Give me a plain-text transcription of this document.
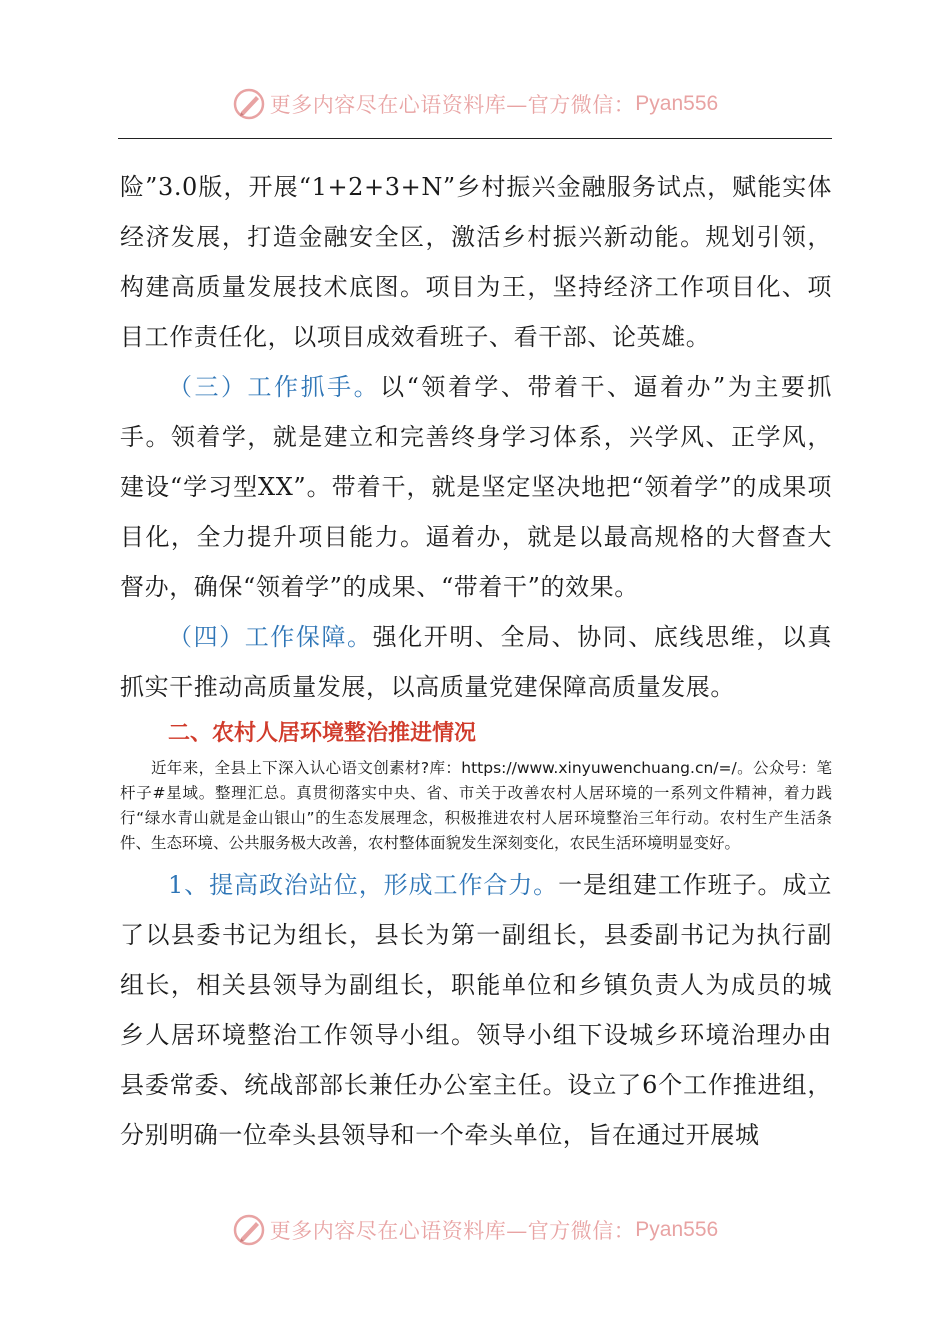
更多内容尽在心语资料库—官方微信： Pyan556

险”3.0版，开展“1+2+3+N”乡村振兴金融服务试点，赋能实体经济发展，打造金融安全区，激活乡村振兴新动能。规划引领，构建高质量发展技术底图。项目为王，坚持经济工作项目化、项目工作责任化，以项目成效看班子、看干部、论英雄。

（三）工作抓手。以“领着学、带着干、逼着办”为主要抓手。领着学，就是建立和完善终身学习体系，兴学风、正学风，建设“学习型XX”。带着干，就是坚定坚决地把“领着学”的成果项目化，全力提升项目能力。逼着办，就是以最高规格的大督查大督办，确保“领着学”的成果、“带着干”的效果。

（四）工作保障。强化开明、全局、协同、底线思维，以真抓实干推动高质量发展，以高质量党建保障高质量发展。

二、农村人居环境整治推进情况

近年来，全县上下深入认心语文创素材?库：https://www.xinyuwenchuang.cn/=/。公众号：笔杆子#星域。整理汇总。真贯彻落实中央、省、市关于改善农村人居环境的一系列文件精神，着力践行“绿水青山就是金山银山”的生态发展理念，积极推进农村人居环境整治三年行动。农村生产生活条件、生态环境、公共服务极大改善，农村整体面貌发生深刻变化，农民生活环境明显变好。

1、提高政治站位，形成工作合力。一是组建工作班子。成立了以县委书记为组长，县长为第一副组长，县委副书记为执行副组长，相关县领导为副组长，职能单位和乡镇负责人为成员的城乡人居环境整治工作领导小组。领导小组下设城乡环境治理办由县委常委、统战部部长兼任办公室主任。设立了6个工作推进组，分别明确一位牵头县领导和一个牵头单位，旨在通过开展城

更多内容尽在心语资料库—官方微信： Pyan556
